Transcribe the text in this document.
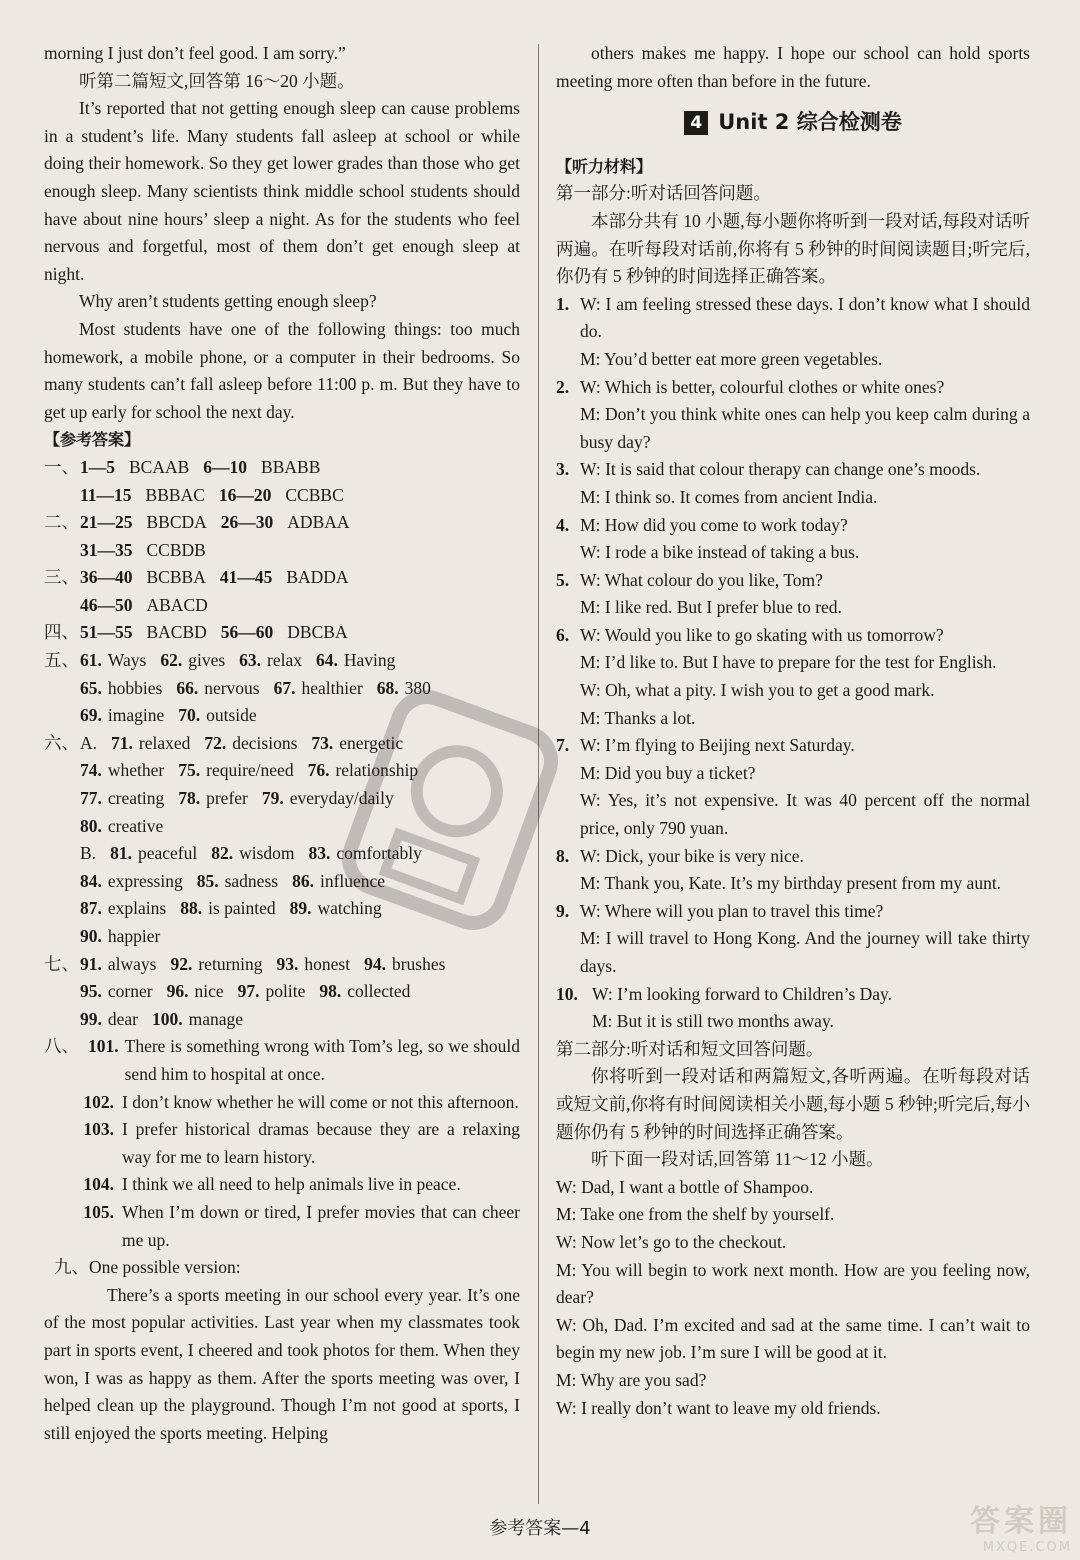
morning I just don’t feel good. I am sorry.”

听第二篇短文,回答第 16～20 小题。

It’s reported that not getting enough sleep can cause problems in a student’s life. Many students fall asleep at school or while doing their homework. So they get lower grades than those who get enough sleep. Many scientists think middle school students should have about nine hours’ sleep a night. As for the students who feel nervous and forgetful, most of them don’t get enough sleep at night.

Why aren’t students getting enough sleep?

Most students have one of the following things: too much homework, a mobile phone, or a computer in their bedrooms. So many students can’t fall asleep before 11:00 p. m. But they have to get up early for school the next day.

【参考答案】

一、 1—5 BCAAB 6—10 BBABB
11—15 BBBAC 16—20 CCBBC
二、 21—25 BBCDA 26—30 ADBAA
31—35 CCBDB
三、 36—40 BCBBA 41—45 BADDA
46—50 ABACD
四、 51—55 BACBD 56—60 DBCBA
五、 61. Ways 62. gives 63. relax 64. Having
65. hobbies 66. nervous 67. healthier 68. 380
69. imagine 70. outside
六、 A. 71. relaxed 72. decisions 73. energetic
74. whether 75. require/need 76. relationship
77. creating 78. prefer 79. everyday/daily
80. creative
B. 81. peaceful 82. wisdom 83. comfortably
84. expressing 85. sadness 86. influence
87. explains 88. is painted 89. watching
90. happier
七、 91. always 92. returning 93. honest 94. brushes
95. corner 96. nice 97. polite 98. collected
99. dear 100. manage
八、 101. There is something wrong with Tom’s leg, so we should send him to hospital at once.
102. I don’t know whether he will come or not this afternoon.
103. I prefer historical dramas because they are a relaxing way for me to learn history.
104. I think we all need to help animals live in peace.
105. When I’m down or tired, I prefer movies that can cheer me up.

九、One possible version:

There’s a sports meeting in our school every year. It’s one of the most popular activities. Last year when my classmates took part in sports event, I cheered and took photos for them. When they won, I was as happy as them. After the sports meeting was over, I helped clean up the playground. Though I’m not good at sports, I still enjoyed the sports meeting. Helping

others makes me happy. I hope our school can hold sports meeting more often than before in the future.

4 Unit 2 综合检测卷

【听力材料】

第一部分:听对话回答问题。

本部分共有 10 小题,每小题你将听到一段对话,每段对话听两遍。在听每段对话前,你将有 5 秒钟的时间阅读题目;听完后,你仍有 5 秒钟的时间选择正确答案。

1. W: I am feeling stressed these days. I don’t know what I should do.
M: You’d better eat more green vegetables.
2. W: Which is better, colourful clothes or white ones?
M: Don’t you think white ones can help you keep calm during a busy day?
3. W: It is said that colour therapy can change one’s moods.
M: I think so. It comes from ancient India.
4. M: How did you come to work today?
W: I rode a bike instead of taking a bus.
5. W: What colour do you like, Tom?
M: I like red. But I prefer blue to red.
6. W: Would you like to go skating with us tomorrow?
M: I’d like to. But I have to prepare for the test for English.
W: Oh, what a pity. I wish you to get a good mark.
M: Thanks a lot.
7. W: I’m flying to Beijing next Saturday.
M: Did you buy a ticket?
W: Yes, it’s not expensive. It was 40 percent off the normal price, only 790 yuan.
8. W: Dick, your bike is very nice.
M: Thank you, Kate. It’s my birthday present from my aunt.
9. W: Where will you plan to travel this time?
M: I will travel to Hong Kong. And the journey will take thirty days.
10. W: I’m looking forward to Children’s Day.
M: But it is still two months away.

第二部分:听对话和短文回答问题。

你将听到一段对话和两篇短文,各听两遍。在听每段对话或短文前,你将有时间阅读相关小题,每小题 5 秒钟;听完后,每小题你仍有 5 秒钟的时间选择正确答案。

听下面一段对话,回答第 11～12 小题。

W: Dad, I want a bottle of Shampoo.

M: Take one from the shelf by yourself.

W: Now let’s go to the checkout.

M: You will begin to work next month. How are you feeling now, dear?

W: Oh, Dad. I’m excited and sad at the same time. I can’t wait to begin my new job. I’m sure I will be good at it.

M: Why are you sad?

W: I really don’t want to leave my old friends.

参考答案—4	答案圈
MXQE.COM
